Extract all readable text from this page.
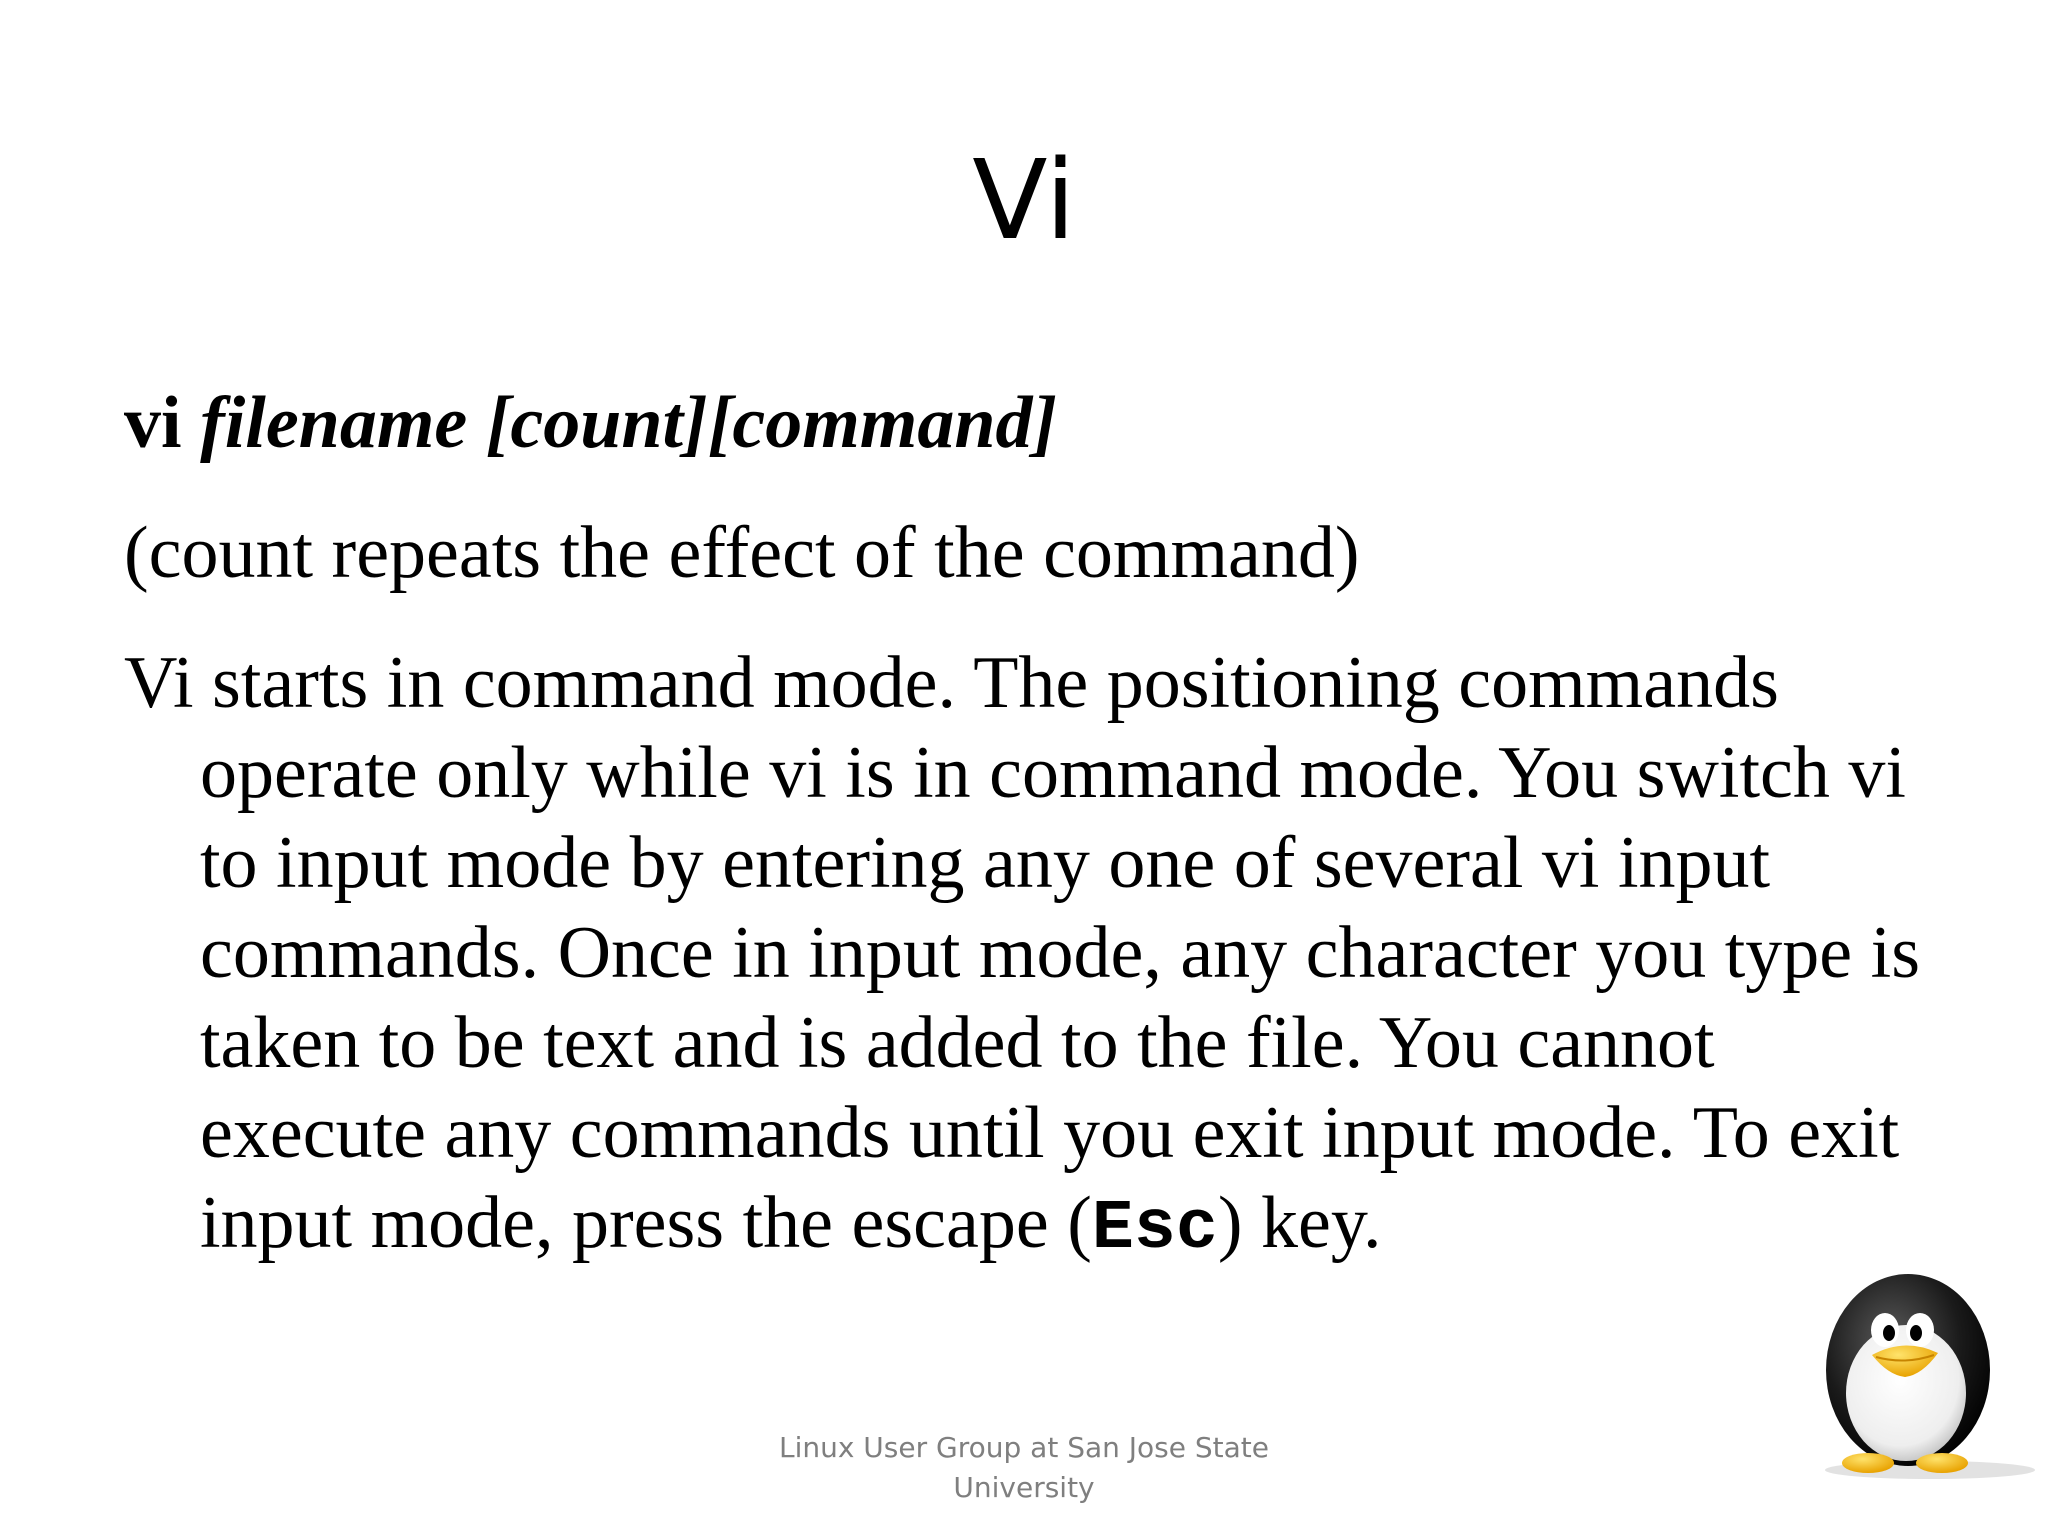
Vi

vi filename [count][command]

(count repeats the effect of the command)

Vi starts in command mode. The positioning commands operate only while vi is in command mode. You switch vi to input mode by entering any one of several vi input commands. Once in input mode, any character you type is taken to be text and is added to the file. You cannot execute any commands until you exit input mode. To exit input mode, press the escape (Esc) key.

Linux User Group at San Jose State
University
